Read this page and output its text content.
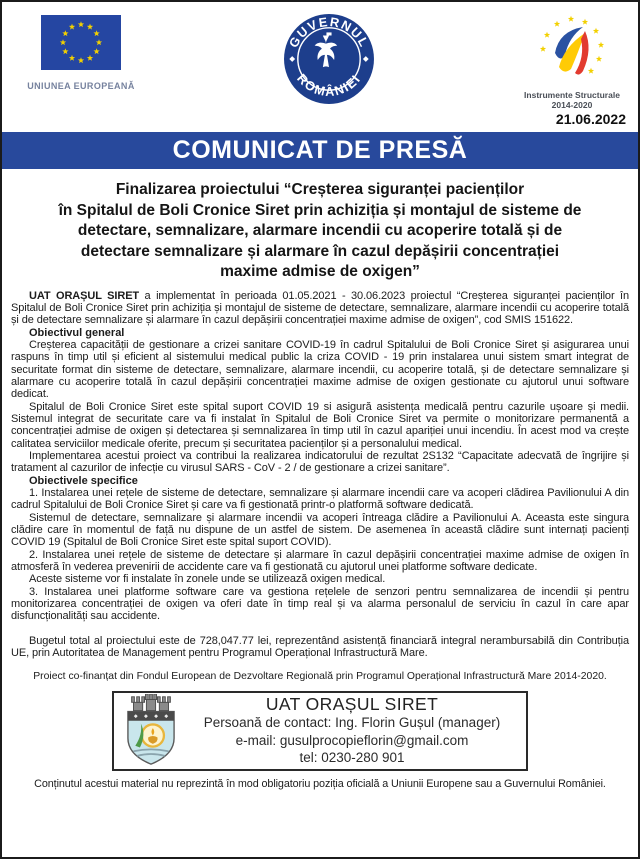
UNIUNEA EUROPEANĂ
GUVERNUL
ROMÂNIEI
Instrumente Structurale
2014-2020
21.06.2022
COMUNICAT DE PRESĂ
Finalizarea proiectului “Creșterea siguranței pacienților
în Spitalul de Boli Cronice Siret prin achiziția și montajul de sisteme de
detectare, semnalizare, alarmare incendii cu acoperire totală și de
detectare semnalizare și alarmare în cazul depășirii concentrației
maxime admise de oxigen”

UAT ORAȘUL SIRET a implementat în perioada 01.05.2021 - 30.06.2023 proiectul “Creșterea siguranței pacienților în Spitalul de Boli Cronice Siret prin achiziția și montajul de sisteme de detectare, semnalizare, alarmare incendii cu acoperire totală și de detectare semnalizare și alarmare în cazul depășirii concentrației maxime admise de oxigen”, cod SMIS 151622.

Obiectivul general

Creșterea capacității de gestionare a crizei sanitare COVID-19 în cadrul Spitalului de Boli Cronice Siret și asigurarea unui raspuns în timp util și eficient al sistemului medical public la criza COVID - 19 prin instalarea unui sistem smart integrat de securitate format din sisteme de detectare, semnalizare, alarmare incendii, cu acoperire totală, și de detectare semnalizare și alarmare cu acoperire totală în cazul depășirii concentrației maxime admise de oxigen gestionate cu ajutorul unui software dedicat.

Spitalul de Boli Cronice Siret este spital suport COVID 19 si asigură asistența medicală pentru cazurile ușoare și medii. Sistemul integrat de securitate care va fi instalat în Spitalul de Boli Cronice Siret va permite o monitorizare permanentă a concentrației admise de oxigen și detectarea și semnalizarea în timp util în cazul apariției unui incendiu. În acest mod va crește calitatea serviciilor medicale oferite, precum și securitatea pacienților și a personalului medical.

Implementarea acestui proiect va contribui la realizarea indicatorului de rezultat 2S132 “Capacitate adecvată de îngrijire și tratament al cazurilor de infecție cu virusul SARS - CoV - 2 / de gestionare a crizei sanitare”.

Obiectivele specifice

1. Instalarea unei rețele de sisteme de detectare, semnalizare și alarmare incendii care va acoperi clădirea Pavilionului A din cadrul Spitalului de Boli Cronice Siret și care va fi gestionată printr-o platformă software dedicată.

Sistemul de detectare, semnalizare și alarmare incendii va acoperi întreaga clădire a Pavilionului A. Aceasta este singura clădire care în momentul de față nu dispune de un astfel de sistem. De asemenea în această clădire sunt internați pacienți COVID 19 (Spitalul de Boli Cronice Siret este spital suport COVID).

2. Instalarea unei rețele de sisteme de detectare și alarmare în cazul depășirii concentrației maxime admise de oxigen în atmosferă în vederea prevenirii de accidente care va fi gestionată cu ajutorul unei platforme software dedicate.

Aceste sisteme vor fi instalate în zonele unde se utilizează oxigen medical.

3. Instalarea unei platforme software care va gestiona rețelele de senzori pentru semnalizarea de incendii și pentru monitorizarea concentrației de oxigen va oferi date în timp real și va alarma personalul de serviciu în cazul în care apar disfuncționalități sau accidente.

Bugetul total al proiectului este de 728,047.77 lei, reprezentând asistență financiară integral nerambursabilă din Contribuția UE, prin Autoritatea de Management pentru Programul Operațional Infrastructură Mare.

Proiect co-finanțat din Fondul European de Dezvoltare Regională prin Programul Operațional Infrastructură Mare 2014-2020.

UAT ORAȘUL SIRET
Persoană de contact: Ing. Florin Gușul (manager)
e-mail: gusulprocopieflorin@gmail.com
tel: 0230-280 901
Conținutul acestui material nu reprezintă în mod obligatoriu poziția oficială a Uniunii Europene sau a Guvernului României.
